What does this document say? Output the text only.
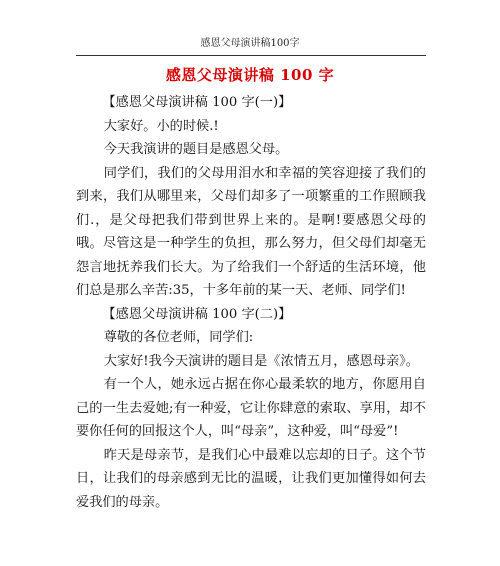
感恩父母演讲稿100字
感恩父母演讲稿 100 字

【感恩父母演讲稿 100 字(一)】

大家好。小的时候.!

今天我演讲的题目是感恩父母。

同学们，我们的父母用泪水和幸福的笑容迎接了我们的到来，我们从哪里来，父母们却多了一项繁重的工作照顾我们.，是父母把我们带到世界上来的。是啊!要感恩父母的哦。尽管这是一种学生的负担，那么努力，但父母们却毫无怨言地抚养我们长大。为了给我们一个舒适的生活环境，他们总是那么辛苦:35，十多年前的某一天、老师、同学们!

【感恩父母演讲稿 100 字(二)】

尊敬的各位老师，同学们:

大家好!我今天演讲的题目是《浓情五月，感恩母亲》。

有一个人，她永远占据在你心最柔软的地方，你愿用自己的一生去爱她;有一种爱，它让你肆意的索取、享用，却不要你任何的回报这个人，叫“母亲”，这种爱，叫“母爱”!

昨天是母亲节，是我们心中最难以忘却的日子。这个节日，让我们的母亲感到无比的温暖，让我们更加懂得如何去爱我们的母亲。
